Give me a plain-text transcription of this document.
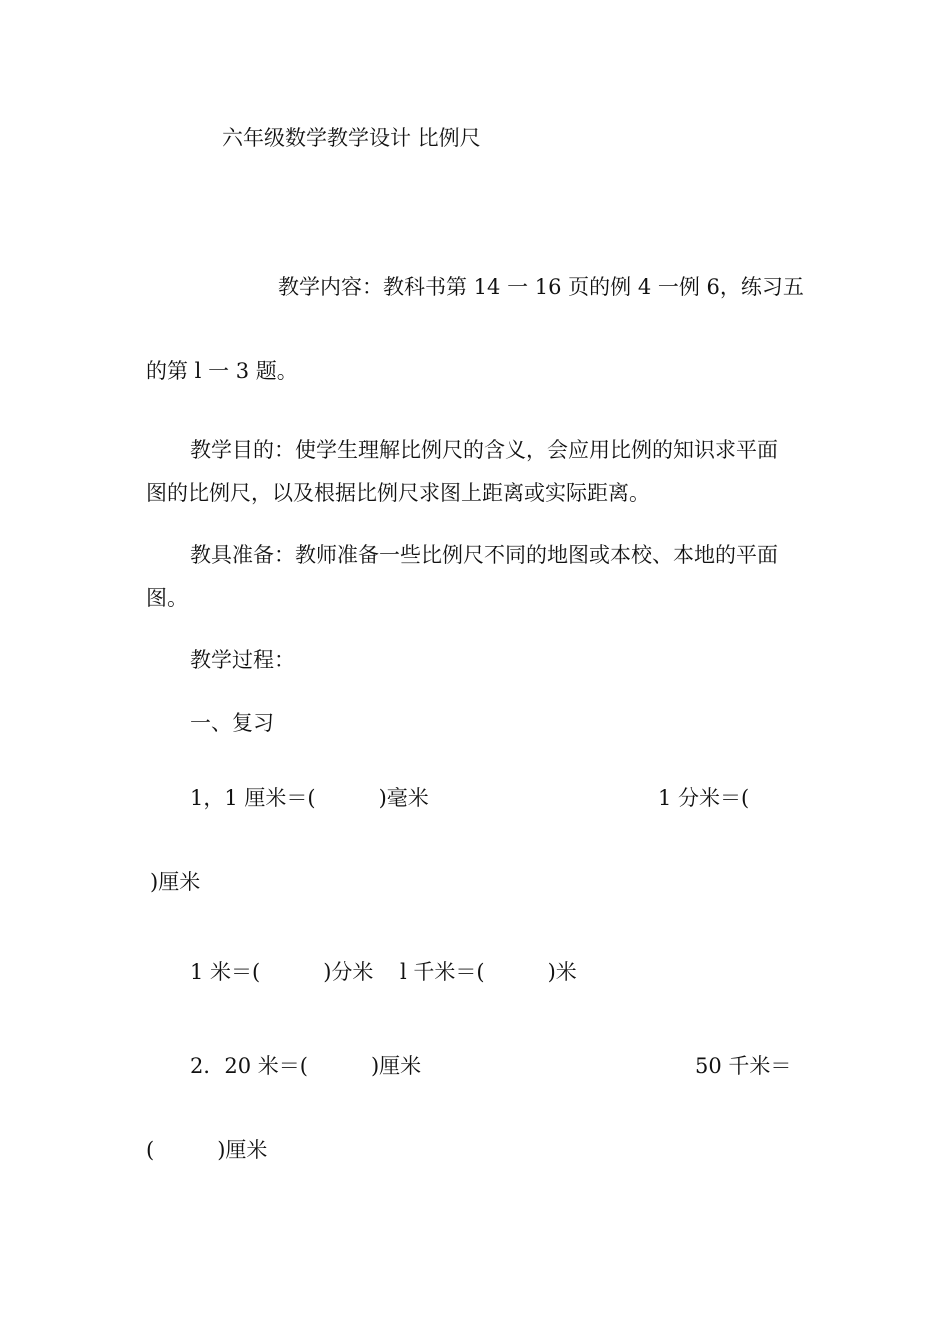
六年级数学教学设计 比例尺
教学内容：教科书第 14 一 16 页的例 4 一例 6，练习五
的第 l 一 3 题。
教学目的：使学生理解比例尺的含义，会应用比例的知识求平面
图的比例尺，以及根据比例尺求图上距离或实际距离。
教具准备：教师准备一些比例尺不同的地图或本校、本地的平面
图。
教学过程：
一、复习
1，1 厘米＝(　　　)毫米	1 分米＝(
)厘米
1 米＝(　　　)分米 l 千米＝(　　　)米
2．20 米＝(　　　)厘米	50 千米＝
(　　　)厘米
